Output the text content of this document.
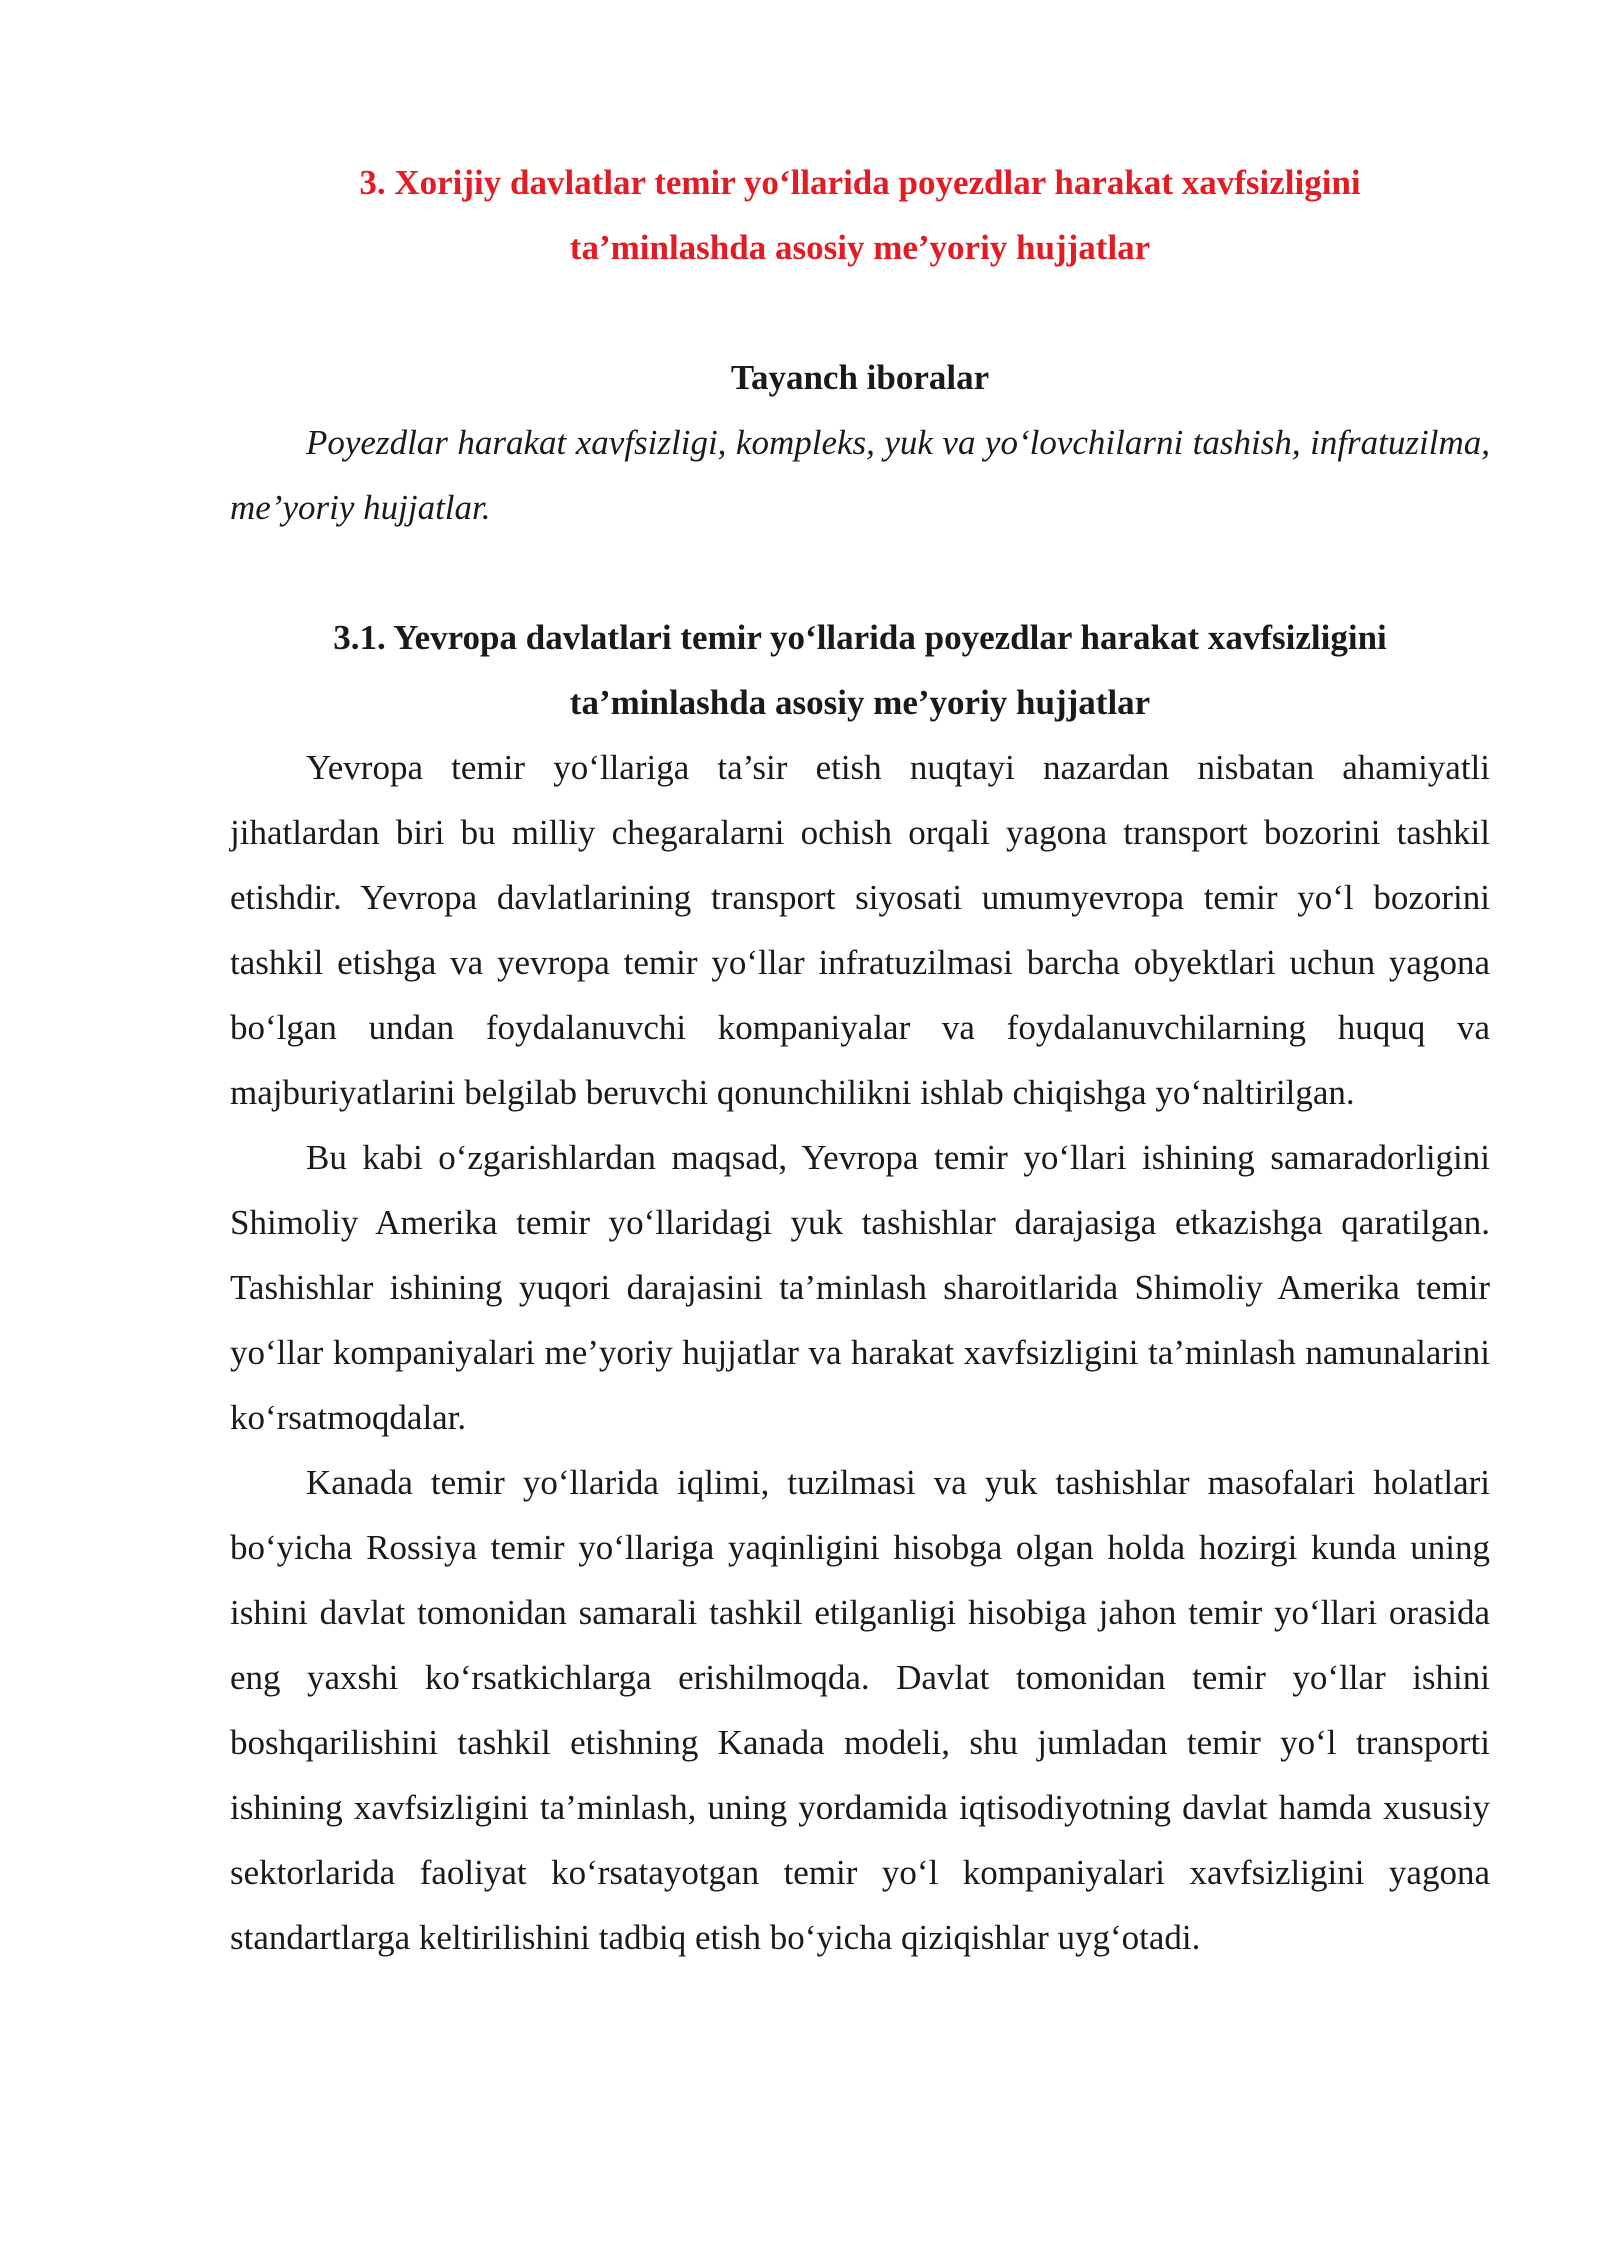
3. Xorijiy davlatlar temir yo‘llarida poyezdlar harakat xavfsizligini
ta’minlashda asosiy me’yoriy hujjatlar
Tayanch iboralar

Poyezdlar harakat xavfsizligi, kompleks, yuk va yo‘lovchilarni tashish, infratuzilma, me’yoriy hujjatlar.

3.1. Yevropa davlatlari temir yo‘llarida poyezdlar harakat xavfsizligini
ta’minlashda asosiy me’yoriy hujjatlar

Yevropa temir yo‘llariga ta’sir etish nuqtayi nazardan nisbatan ahamiyatli jihatlardan biri bu milliy chegaralarni ochish orqali yagona transport bozorini tashkil etishdir. Yevropa davlatlarining transport siyosati umumyevropa temir yo‘l bozorini tashkil etishga va yevropa temir yo‘llar infratuzilmasi barcha obyektlari uchun yagona bo‘lgan undan foydalanuvchi kompaniyalar va foydalanuvchilarning huquq va majburiyatlarini belgilab beruvchi qonunchilikni ishlab chiqishga yo‘naltirilgan.

Bu kabi o‘zgarishlardan maqsad, Yevropa temir yo‘llari ishining samaradorligini Shimoliy Amerika temir yo‘llaridagi yuk tashishlar darajasiga etkazishga qaratilgan. Tashishlar ishining yuqori darajasini ta’minlash sharoitlarida Shimoliy Amerika temir yo‘llar kompaniyalari me’yoriy hujjatlar va harakat xavfsizligini ta’minlash namunalarini ko‘rsatmoqdalar.

Kanada temir yo‘llarida iqlimi, tuzilmasi va yuk tashishlar masofalari holatlari bo‘yicha Rossiya temir yo‘llariga yaqinligini hisobga olgan holda hozirgi kunda uning ishini davlat tomonidan samarali tashkil etilganligi hisobiga jahon temir yo‘llari orasida eng yaxshi ko‘rsatkichlarga erishilmoqda. Davlat tomonidan temir yo‘llar ishini boshqarilishini tashkil etishning Kanada modeli, shu jumladan temir yo‘l transporti ishining xavfsizligini ta’minlash, uning yordamida iqtisodiyotning davlat hamda xususiy sektorlarida faoliyat ko‘rsatayotgan temir yo‘l kompaniyalari xavfsizligini yagona standartlarga keltirilishini tadbiq etish bo‘yicha qiziqishlar uyg‘otadi.
